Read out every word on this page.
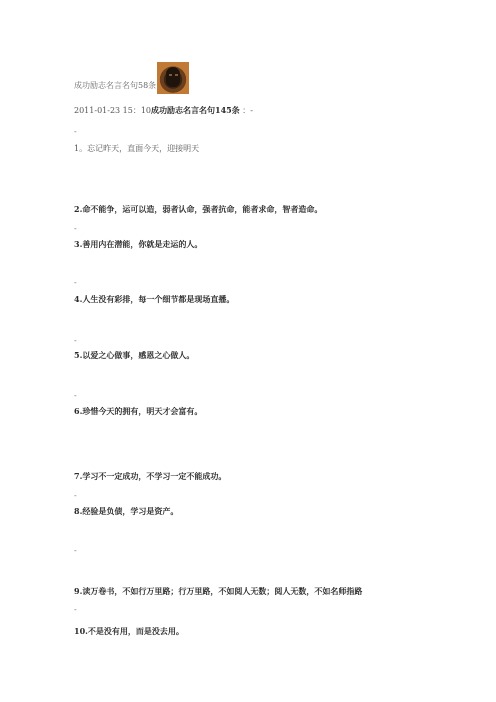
成功励志名言名句58条
2011-01-23 15：10成功励志名言名句145条 ：-
-
1。忘记昨天，直面今天，迎接明天
2.命不能争，运可以造，弱者认命，强者抗命，能者求命，智者造命。
-
3.善用内在潜能，你就是走运的人。
-
4.人生没有彩排，每一个细节都是现场直播。
-
5.以爱之心做事，感恩之心做人。
-
6.珍惜今天的拥有，明天才会富有。
7.学习不一定成功，不学习一定不能成功。
-
8.经验是负债，学习是资产。
-
9.读万卷书，不如行万里路；行万里路，不如阅人无数；阅人无数，不如名师指路
-
10.不是没有用，而是没去用。
